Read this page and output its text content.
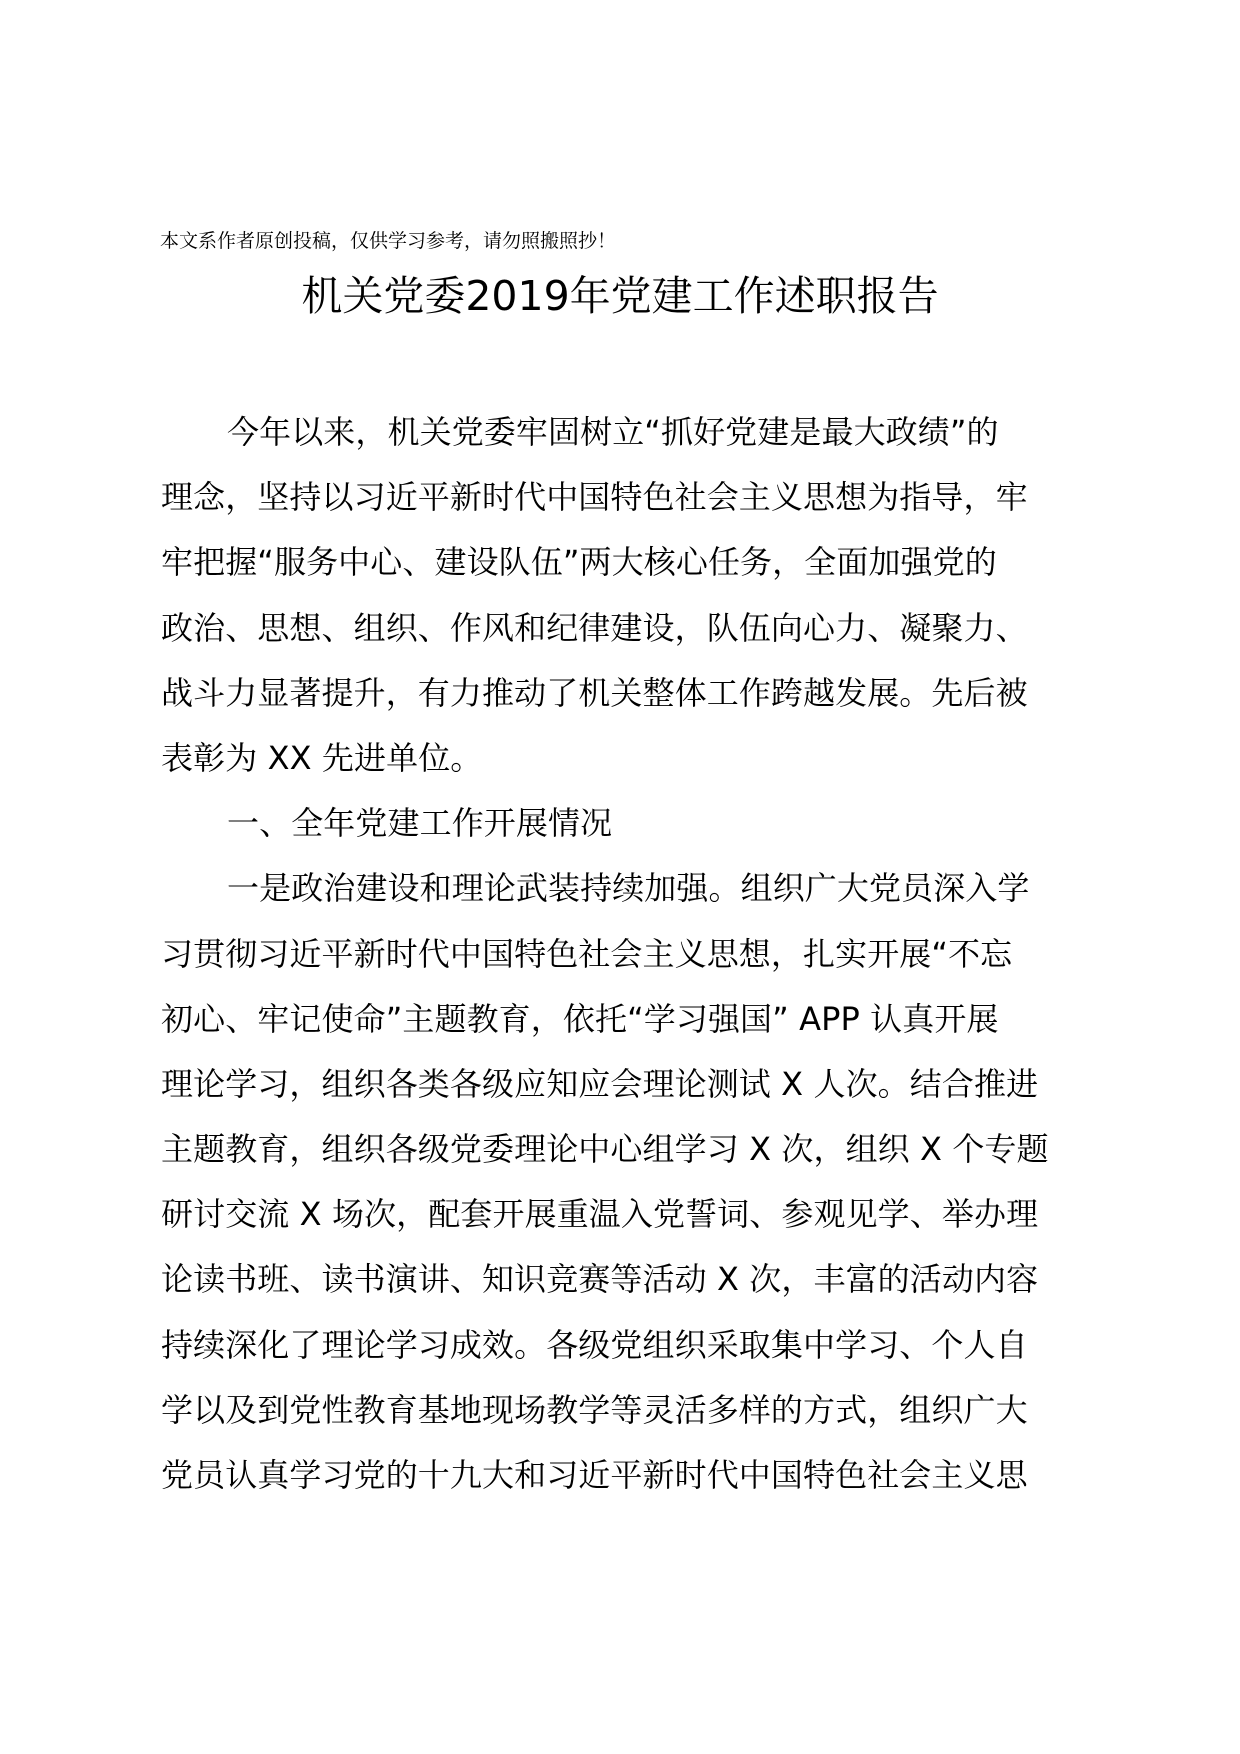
本文系作者原创投稿，仅供学习参考，请勿照搬照抄！
机关党委2019年党建工作述职报告
今年以来，机关党委牢固树立“抓好党建是最大政绩”的
理念，坚持以习近平新时代中国特色社会主义思想为指导，牢
牢把握“服务中心、建设队伍”两大核心任务，全面加强党的
政治、思想、组织、作风和纪律建设，队伍向心力、凝聚力、
战斗力显著提升，有力推动了机关整体工作跨越发展。先后被
表彰为 XX 先进单位。
一、全年党建工作开展情况
一是政治建设和理论武装持续加强。组织广大党员深入学
习贯彻习近平新时代中国特色社会主义思想，扎实开展“不忘
初心、牢记使命”主题教育，依托“学习强国” APP 认真开展
理论学习，组织各类各级应知应会理论测试 X 人次。结合推进
主题教育，组织各级党委理论中心组学习 X 次，组织 X 个专题
研讨交流 X 场次，配套开展重温入党誓词、参观见学、举办理
论读书班、读书演讲、知识竞赛等活动 X 次，丰富的活动内容
持续深化了理论学习成效。各级党组织采取集中学习、个人自
学以及到党性教育基地现场教学等灵活多样的方式，组织广大
党员认真学习党的十九大和习近平新时代中国特色社会主义思
